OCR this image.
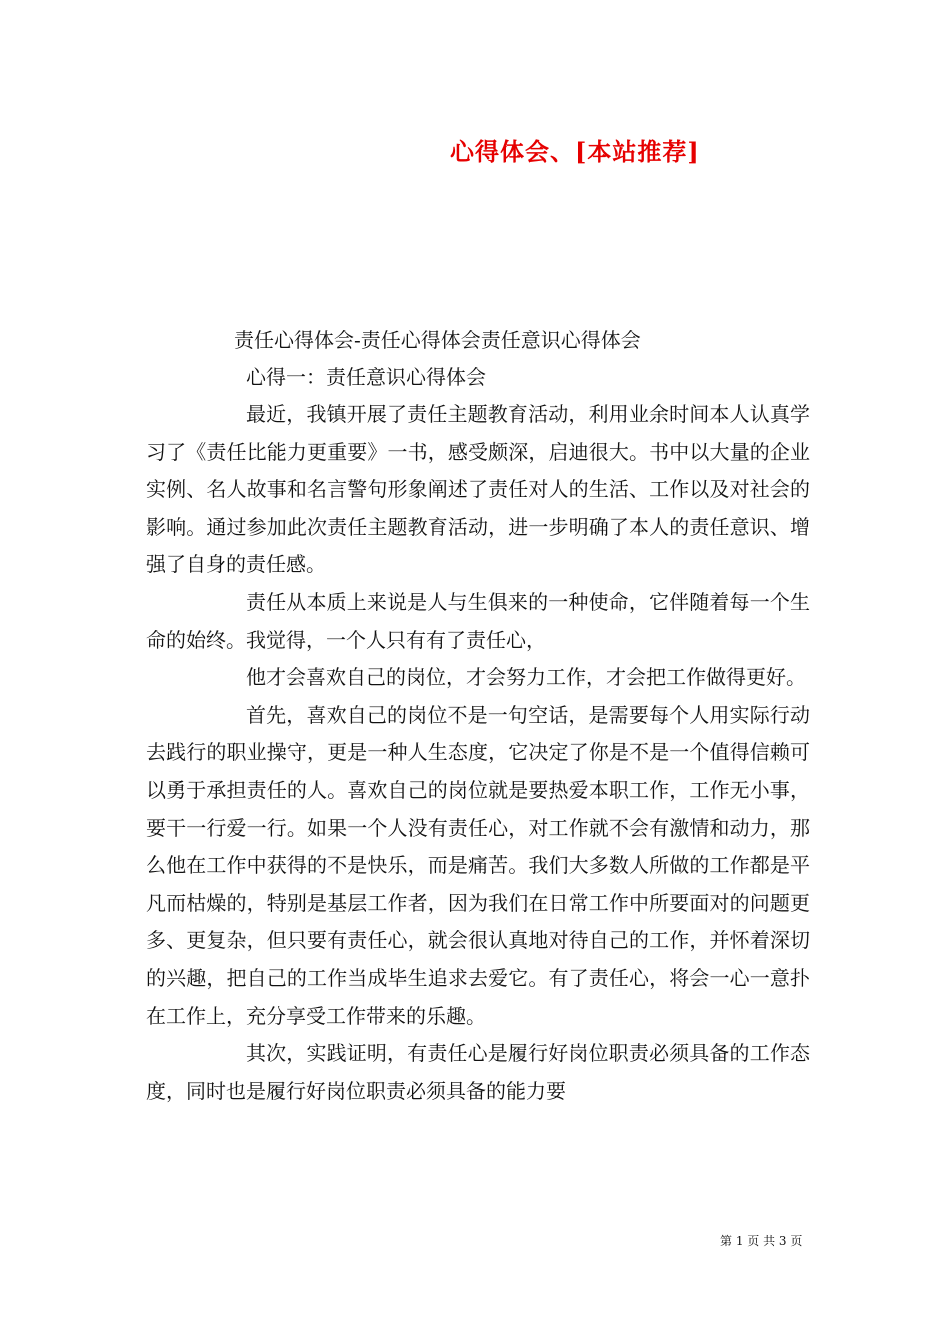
心得体会、[本站推荐]
责任心得体会-责任心得体会责任意识心得体会
心得一：责任意识心得体会

最近，我镇开展了责任主题教育活动，利用业余时间本人认真学习了《责任比能力更重要》一书，感受颇深，启迪很大。书中以大量的企业实例、名人故事和名言警句形象阐述了责任对人的生活、工作以及对社会的影响。通过参加此次责任主题教育活动，进一步明确了本人的责任意识、增强了自身的责任感。

责任从本质上来说是人与生俱来的一种使命，它伴随着每一个生命的始终。我觉得，一个人只有有了责任心，

他才会喜欢自己的岗位，才会努力工作，才会把工作做得更好。

首先，喜欢自己的岗位不是一句空话，是需要每个人用实际行动去践行的职业操守，更是一种人生态度，它决定了你是不是一个值得信赖可以勇于承担责任的人。喜欢自己的岗位就是要热爱本职工作，工作无小事，要干一行爱一行。如果一个人没有责任心，对工作就不会有激情和动力，那么他在工作中获得的不是快乐，而是痛苦。我们大多数人所做的工作都是平凡而枯燥的，特别是基层工作者，因为我们在日常工作中所要面对的问题更多、更复杂，但只要有责任心，就会很认真地对待自己的工作，并怀着深切的兴趣，把自己的工作当成毕生追求去爱它。有了责任心，将会一心一意扑在工作上，充分享受工作带来的乐趣。

其次，实践证明，有责任心是履行好岗位职责必须具备的工作态度，同时也是履行好岗位职责必须具备的能力要

第 1 页 共 3 页
